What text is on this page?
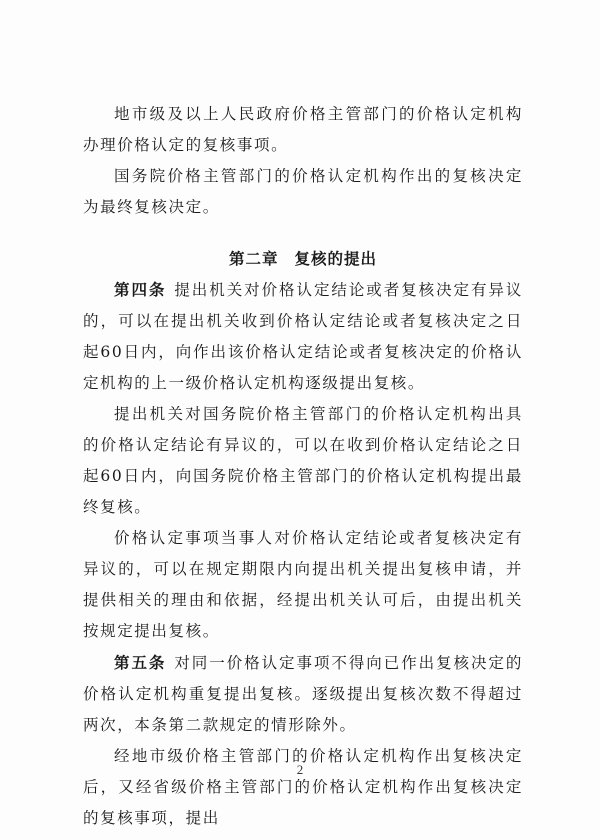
地市级及以上人民政府价格主管部门的价格认定机构办理价格认定的复核事项。

国务院价格主管部门的价格认定机构作出的复核决定为最终复核决定。

第二章 复核的提出

第四条 提出机关对价格认定结论或者复核决定有异议的，可以在提出机关收到价格认定结论或者复核决定之日起60日内，向作出该价格认定结论或者复核决定的价格认定机构的上一级价格认定机构逐级提出复核。

提出机关对国务院价格主管部门的价格认定机构出具的价格认定结论有异议的，可以在收到价格认定结论之日起60日内，向国务院价格主管部门的价格认定机构提出最终复核。

价格认定事项当事人对价格认定结论或者复核决定有异议的，可以在规定期限内向提出机关提出复核申请，并提供相关的理由和依据，经提出机关认可后，由提出机关按规定提出复核。

第五条 对同一价格认定事项不得向已作出复核决定的价格认定机构重复提出复核。逐级提出复核次数不得超过两次，本条第二款规定的情形除外。

经地市级价格主管部门的价格认定机构作出复核决定后，又经省级价格主管部门的价格认定机构作出复核决定的复核事项，提出

2
